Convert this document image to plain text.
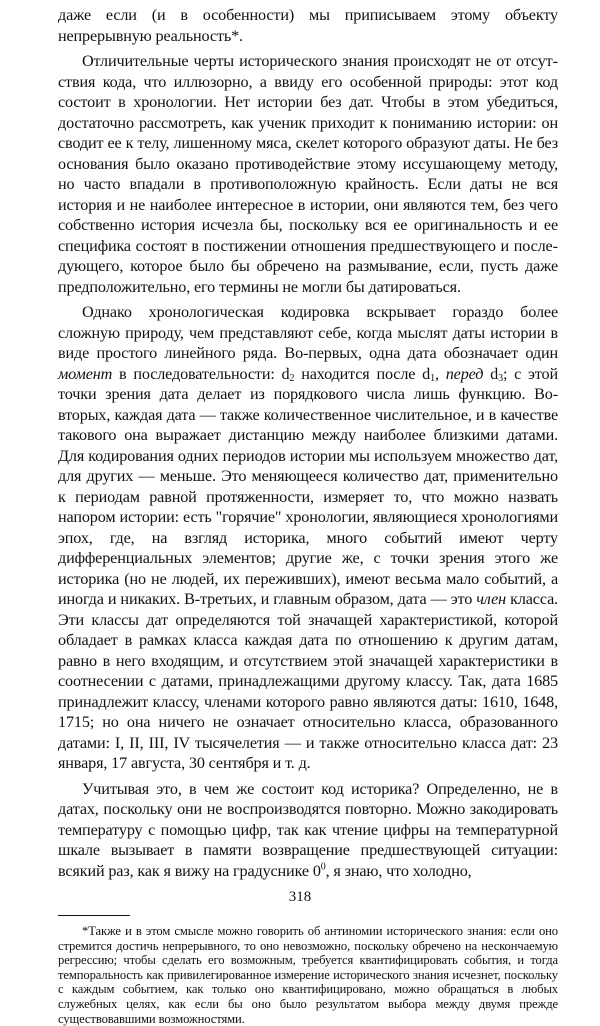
даже если (и в особенности) мы приписываем этому объекту непрерывную реальность*.

Отличительные черты исторического знания происходят не от отсутствия кода, что иллюзорно, а ввиду его особенной природы: этот код состоит в хронологии. Нет истории без дат. Чтобы в этом убедиться, достаточно рассмотреть, как ученик приходит к пониманию истории: он сводит ее к телу, лишенному мяса, скелет которого образуют даты. Не без основания было оказано противодействие этому иссушающему методу, но часто впадали в противоположную крайность. Если даты не вся история и не наиболее интересное в истории, они являются тем, без чего собственно история исчезла бы, поскольку вся ее оригинальность и ее специфика состоят в постижении отношения предшествующего и последующего, которое было бы обречено на размывание, если, пусть даже предположительно, его термины не могли бы датироваться.

Однако хронологическая кодировка вскрывает гораздо более сложную природу, чем представляют себе, когда мыслят даты истории в виде простого линейного ряда. Во-первых, одна дата обозначает один момент в последовательности: $d_2$ находится после $d_1$, перед $d_3$; с этой точки зрения дата делает из порядкового числа лишь функцию. Во-вторых, каждая дата — также количественное числительное, и в качестве такового она выражает дистанцию между наиболее близкими датами. Для кодирования одних периодов истории мы используем множество дат, для других — меньше. Это меняющееся количество дат, применительно к периодам равной протяженности, измеряет то, что можно назвать напором истории: есть "горячие" хронологии, являющиеся хронологиями эпох, где, на взгляд историка, много событий имеют черту дифференциальных элементов; другие же, с точки зрения этого же историка (но не людей, их переживших), имеют весьма мало событий, а иногда и никаких. В-третьих, и главным образом, дата — это член класса. Эти классы дат определяются той значащей характеристикой, которой обладает в рамках класса каждая дата по отношению к другим датам, равно в него входящим, и отсутствием этой значащей характеристики в соотнесении с датами, принадлежащими другому классу. Так, дата 1685 принадлежит классу, членами которого равно являются даты: 1610, 1648, 1715; но она ничего не означает относительно класса, образованного датами: I, II, III, IV тысячелетия — и также относительно класса дат: 23 января, 17 августа, 30 сентября и т. д.

Учитывая это, в чем же состоит код историка? Определенно, не в датах, поскольку они не воспроизводятся повторно. Можно закодировать температуру с помощью цифр, так как чтение цифры на температурной шкале вызывает в памяти возвращение предшествующей ситуации: всякий раз, как я вижу на градуснике $0^0$, я знаю, что холодно,

*Также и в этом смысле можно говорить об антиномии исторического знания: если оно стремится достичь непрерывного, то оно невозможно, поскольку обречено на нескончаемую регрессию; чтобы сделать его возможным, требуется квантифицировать события, и тогда темпоральность как привилегированное измерение исторического знания исчезнет, поскольку с каждым событием, как только оно квантифицировано, можно обращаться в любых служебных целях, как если бы оно было результатом выбора между двумя прежде существовавшими возможностями.

318
